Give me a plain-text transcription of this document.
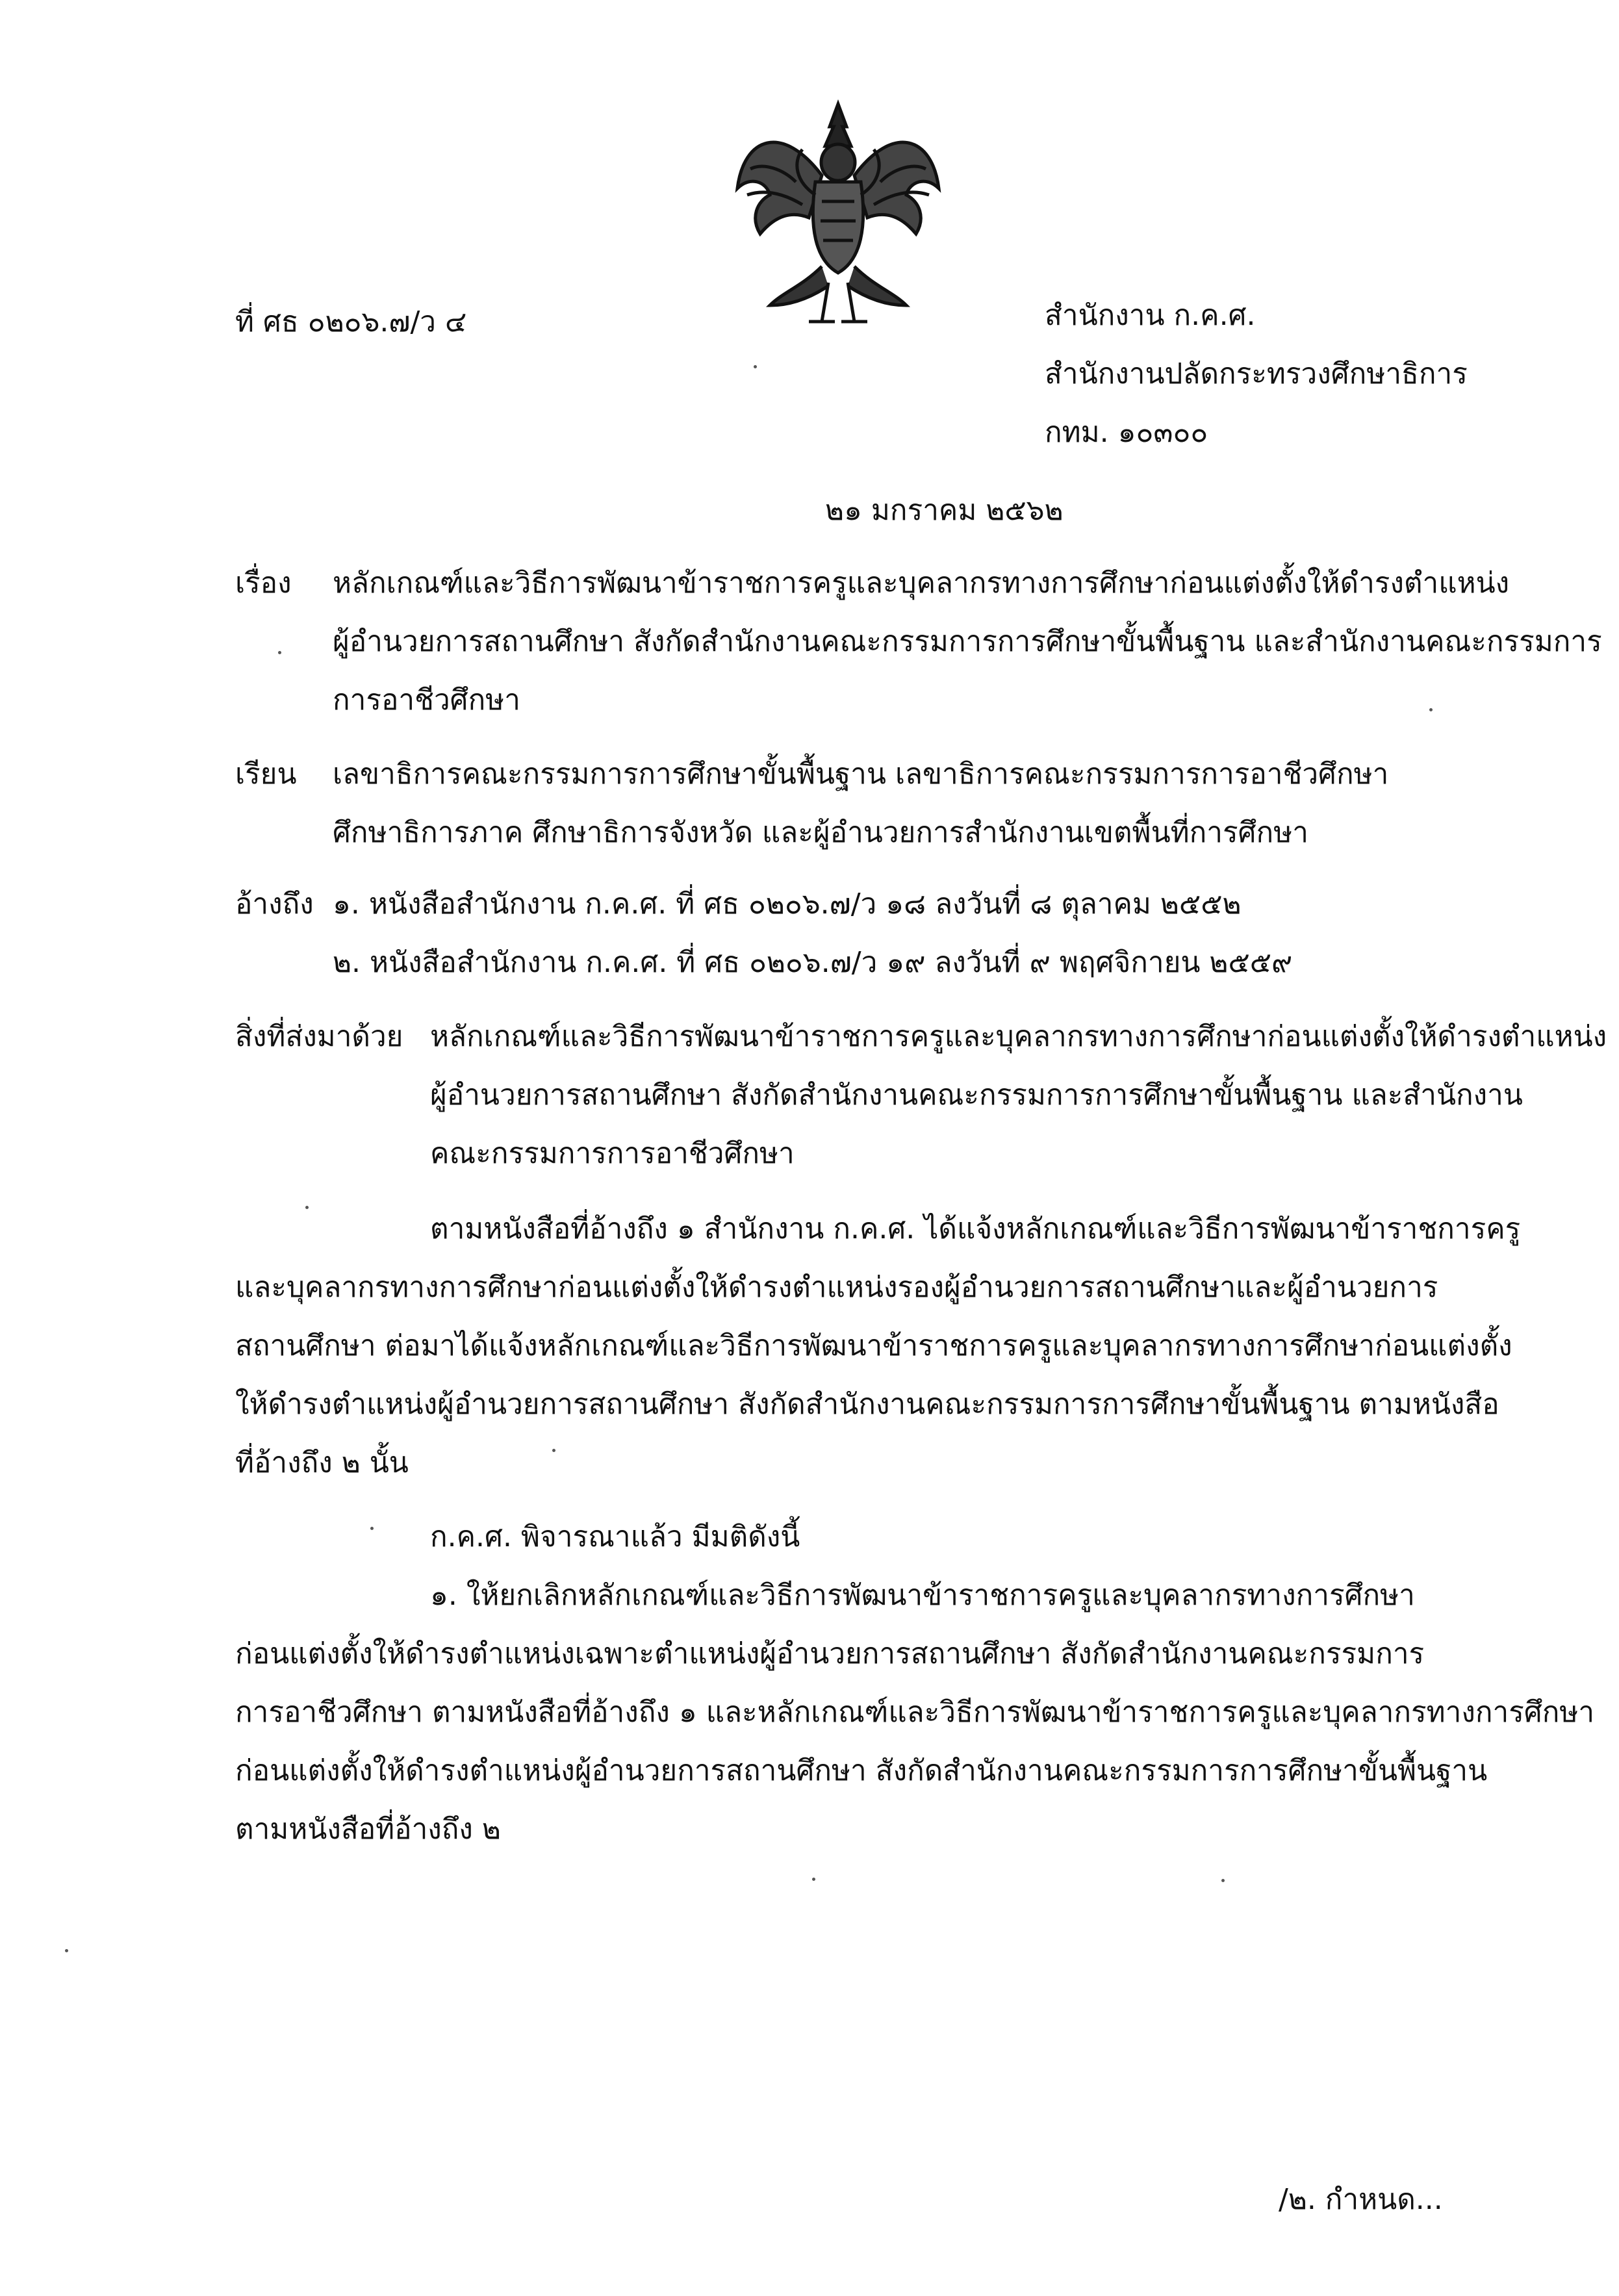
ที่ ศธ ๐๒๐๖.๗/ว ๔	สำนักงาน ก.ค.ศ.
สำนักงานปลัดกระทรวงศึกษาธิการ
กทม. ๑๐๓๐๐
๒๑ มกราคม ๒๕๖๒
เรื่อง หลักเกณฑ์และวิธีการพัฒนาข้าราชการครูและบุคลากรทางการศึกษาก่อนแต่งตั้งให้ดำรงตำแหน่ง
ผู้อำนวยการสถานศึกษา สังกัดสำนักงานคณะกรรมการการศึกษาขั้นพื้นฐาน และสำนักงานคณะกรรมการ
การอาชีวศึกษา
เรียน เลขาธิการคณะกรรมการการศึกษาขั้นพื้นฐาน เลขาธิการคณะกรรมการการอาชีวศึกษา
ศึกษาธิการภาค ศึกษาธิการจังหวัด และผู้อำนวยการสำนักงานเขตพื้นที่การศึกษา
อ้างถึง ๑. หนังสือสำนักงาน ก.ค.ศ. ที่ ศธ ๐๒๐๖.๗/ว ๑๘ ลงวันที่ ๘ ตุลาคม ๒๕๕๒
๒. หนังสือสำนักงาน ก.ค.ศ. ที่ ศธ ๐๒๐๖.๗/ว ๑๙ ลงวันที่ ๙ พฤศจิกายน ๒๕๕๙
สิ่งที่ส่งมาด้วย หลักเกณฑ์และวิธีการพัฒนาข้าราชการครูและบุคลากรทางการศึกษาก่อนแต่งตั้งให้ดำรงตำแหน่ง
ผู้อำนวยการสถานศึกษา สังกัดสำนักงานคณะกรรมการการศึกษาขั้นพื้นฐาน และสำนักงาน
คณะกรรมการการอาชีวศึกษา
ตามหนังสือที่อ้างถึง ๑ สำนักงาน ก.ค.ศ. ได้แจ้งหลักเกณฑ์และวิธีการพัฒนาข้าราชการครู
และบุคลากรทางการศึกษาก่อนแต่งตั้งให้ดำรงตำแหน่งรองผู้อำนวยการสถานศึกษาและผู้อำนวยการ
สถานศึกษา ต่อมาได้แจ้งหลักเกณฑ์และวิธีการพัฒนาข้าราชการครูและบุคลากรทางการศึกษาก่อนแต่งตั้ง
ให้ดำรงตำแหน่งผู้อำนวยการสถานศึกษา สังกัดสำนักงานคณะกรรมการการศึกษาขั้นพื้นฐาน ตามหนังสือ
ที่อ้างถึง ๒ นั้น
ก.ค.ศ. พิจารณาแล้ว มีมติดังนี้
๑. ให้ยกเลิกหลักเกณฑ์และวิธีการพัฒนาข้าราชการครูและบุคลากรทางการศึกษา
ก่อนแต่งตั้งให้ดำรงตำแหน่งเฉพาะตำแหน่งผู้อำนวยการสถานศึกษา สังกัดสำนักงานคณะกรรมการ
การอาชีวศึกษา ตามหนังสือที่อ้างถึง ๑ และหลักเกณฑ์และวิธีการพัฒนาข้าราชการครูและบุคลากรทางการศึกษา
ก่อนแต่งตั้งให้ดำรงตำแหน่งผู้อำนวยการสถานศึกษา สังกัดสำนักงานคณะกรรมการการศึกษาขั้นพื้นฐาน
ตามหนังสือที่อ้างถึง ๒
/๒. กำหนด...
